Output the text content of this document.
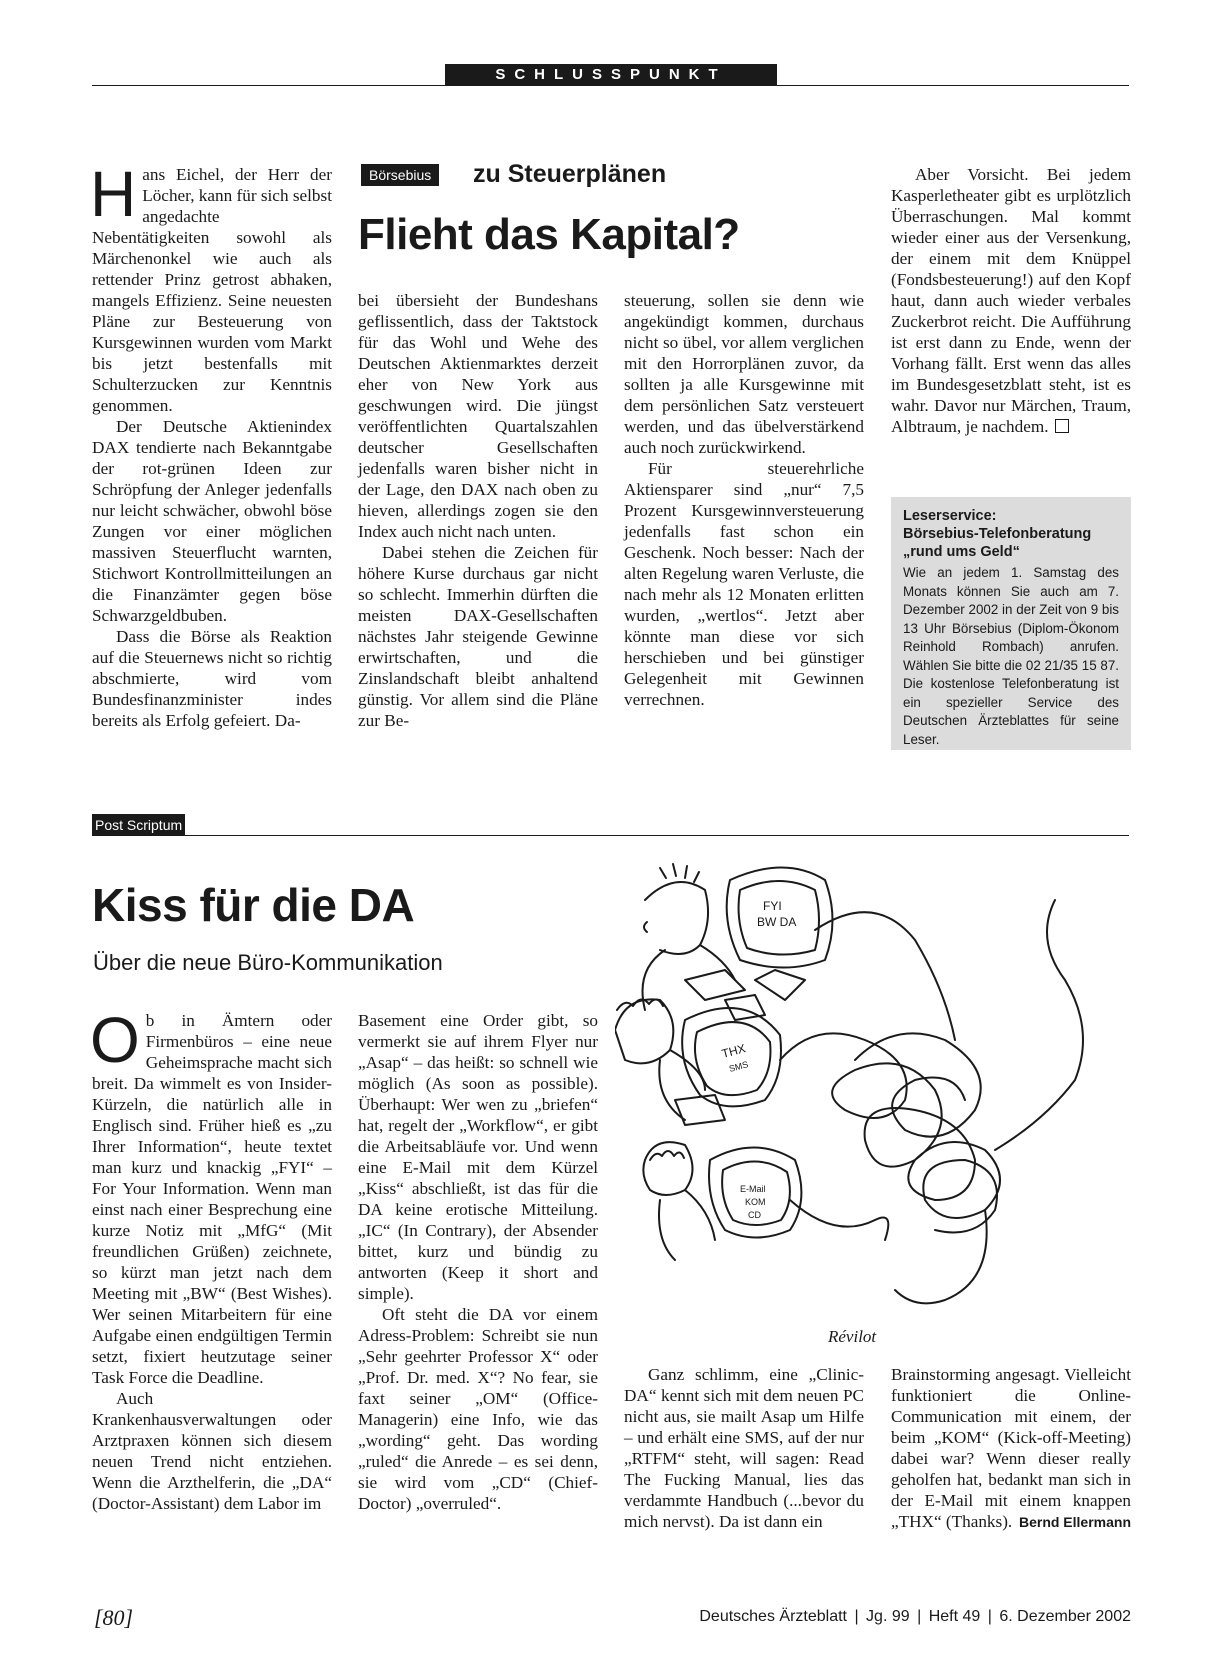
SCHLUSSPUNKT

Hans Eichel, der Herr der Löcher, kann für sich selbst angedachte Nebentätigkeiten sowohl als Märchenonkel wie auch als rettender Prinz getrost abhaken, mangels Effizienz. Seine neuesten Pläne zur Besteuerung von Kursgewinnen wurden vom Markt bis jetzt bestenfalls mit Schulterzucken zur Kenntnis genommen.

Der Deutsche Aktienindex DAX tendierte nach Bekanntgabe der rot-grünen Ideen zur Schröpfung der Anleger jedenfalls nur leicht schwächer, obwohl böse Zungen vor einer möglichen massiven Steuerflucht warnten, Stichwort Kontrollmitteilungen an die Finanzämter gegen böse Schwarzgeldbuben.

Dass die Börse als Reaktion auf die Steuernews nicht so richtig abschmierte, wird vom Bundesfinanzminister indes bereits als Erfolg gefeiert. Da-

Börsebius	zu Steuerplänen
Flieht das Kapital?

bei übersieht der Bundeshans geflissentlich, dass der Taktstock für das Wohl und Wehe des Deutschen Aktienmarktes derzeit eher von New York aus geschwungen wird. Die jüngst veröffentlichten Quartalszahlen deutscher Gesellschaften jedenfalls waren bisher nicht in der Lage, den DAX nach oben zu hieven, allerdings zogen sie den Index auch nicht nach unten.

Dabei stehen die Zeichen für höhere Kurse durchaus gar nicht so schlecht. Immerhin dürften die meisten DAX-Gesellschaften nächstes Jahr steigende Gewinne erwirtschaften, und die Zinslandschaft bleibt anhaltend günstig. Vor allem sind die Pläne zur Be-

steuerung, sollen sie denn wie angekündigt kommen, durchaus nicht so übel, vor allem verglichen mit den Horrorplänen zuvor, da sollten ja alle Kursgewinne mit dem persönlichen Satz versteuert werden, und das übelverstärkend auch noch zurückwirkend.

Für steuerehrliche Aktiensparer sind „nur“ 7,5 Prozent Kursgewinnversteuerung jedenfalls fast schon ein Geschenk. Noch besser: Nach der alten Regelung waren Verluste, die nach mehr als 12 Monaten erlitten wurden, „wertlos“. Jetzt aber könnte man diese vor sich herschieben und bei günstiger Gelegenheit mit Gewinnen verrechnen.

Aber Vorsicht. Bei jedem Kasperletheater gibt es urplötzlich Überraschungen. Mal kommt wieder einer aus der Versenkung, der einem mit dem Knüppel (Fondsbesteuerung!) auf den Kopf haut, dann auch wieder verbales Zuckerbrot reicht. Die Aufführung ist erst dann zu Ende, wenn der Vorhang fällt. Erst wenn das alles im Bundesgesetzblatt steht, ist es wahr. Davor nur Märchen, Traum, Albtraum, je nachdem.

Leserservice:
Börsebius-Telefonberatung
„rund ums Geld“
Wie an jedem 1. Samstag des Monats können Sie auch am 7. Dezember 2002 in der Zeit von 9 bis 13 Uhr Börsebius (Diplom-Ökonom Reinhold Rombach) anrufen. Wählen Sie bitte die 02 21/35 15 87. Die kostenlose Telefonberatung ist ein spezieller Service des Deutschen Ärzteblattes für seine Leser.
Post Scriptum
Kiss für die DA
Über die neue Büro-Kommunikation

Ob in Ämtern oder Firmenbüros – eine neue Geheimsprache macht sich breit. Da wimmelt es von Insider-Kürzeln, die natürlich alle in Englisch sind. Früher hieß es „zu Ihrer Information“, heute textet man kurz und knackig „FYI“ – For Your Information. Wenn man einst nach einer Besprechung eine kurze Notiz mit „MfG“ (Mit freundlichen Grüßen) zeichnete, so kürzt man jetzt nach dem Meeting mit „BW“ (Best Wishes). Wer seinen Mitarbeitern für eine Aufgabe einen endgültigen Termin setzt, fixiert heutzutage seiner Task Force die Deadline.

Auch Krankenhausverwaltungen oder Arztpraxen können sich diesem neuen Trend nicht entziehen. Wenn die Arzthelferin, die „DA“ (Doctor-Assistant) dem Labor im

Basement eine Order gibt, so vermerkt sie auf ihrem Flyer nur „Asap“ – das heißt: so schnell wie möglich (As soon as possible). Überhaupt: Wer wen zu „briefen“ hat, regelt der „Workflow“, er gibt die Arbeitsabläufe vor. Und wenn eine E-Mail mit dem Kürzel „Kiss“ abschließt, ist das für die DA keine erotische Mitteilung. „IC“ (In Contrary), der Absender bittet, kurz und bündig zu antworten (Keep it short and simple).

Oft steht die DA vor einem Adress-Problem: Schreibt sie nun „Sehr geehrter Professor X“ oder „Prof. Dr. med. X“? No fear, sie faxt seiner „OM“ (Office-Managerin) eine Info, wie das „wording“ geht. Das wording „ruled“ die Anrede – es sei denn, sie wird vom „CD“ (Chief-Doctor) „overruled“.

FYI
BW DA
THX
SMS
E-Mail
KOM
CD
Révilot

Ganz schlimm, eine „Clinic-DA“ kennt sich mit dem neuen PC nicht aus, sie mailt Asap um Hilfe – und erhält eine SMS, auf der nur „RTFM“ steht, will sagen: Read The Fucking Manual, lies das verdammte Handbuch (...bevor du mich nervst). Da ist dann ein

Brainstorming angesagt. Vielleicht funktioniert die Online-Communication mit einem, der beim „KOM“ (Kick-off-Meeting) dabei war? Wenn dieser really geholfen hat, bedankt man sich in der E-Mail mit einem knappen „THX“ (Thanks). Bernd Ellermann
[80]	Deutsches Ärzteblatt | Jg. 99 | Heft 49 | 6. Dezember 2002
